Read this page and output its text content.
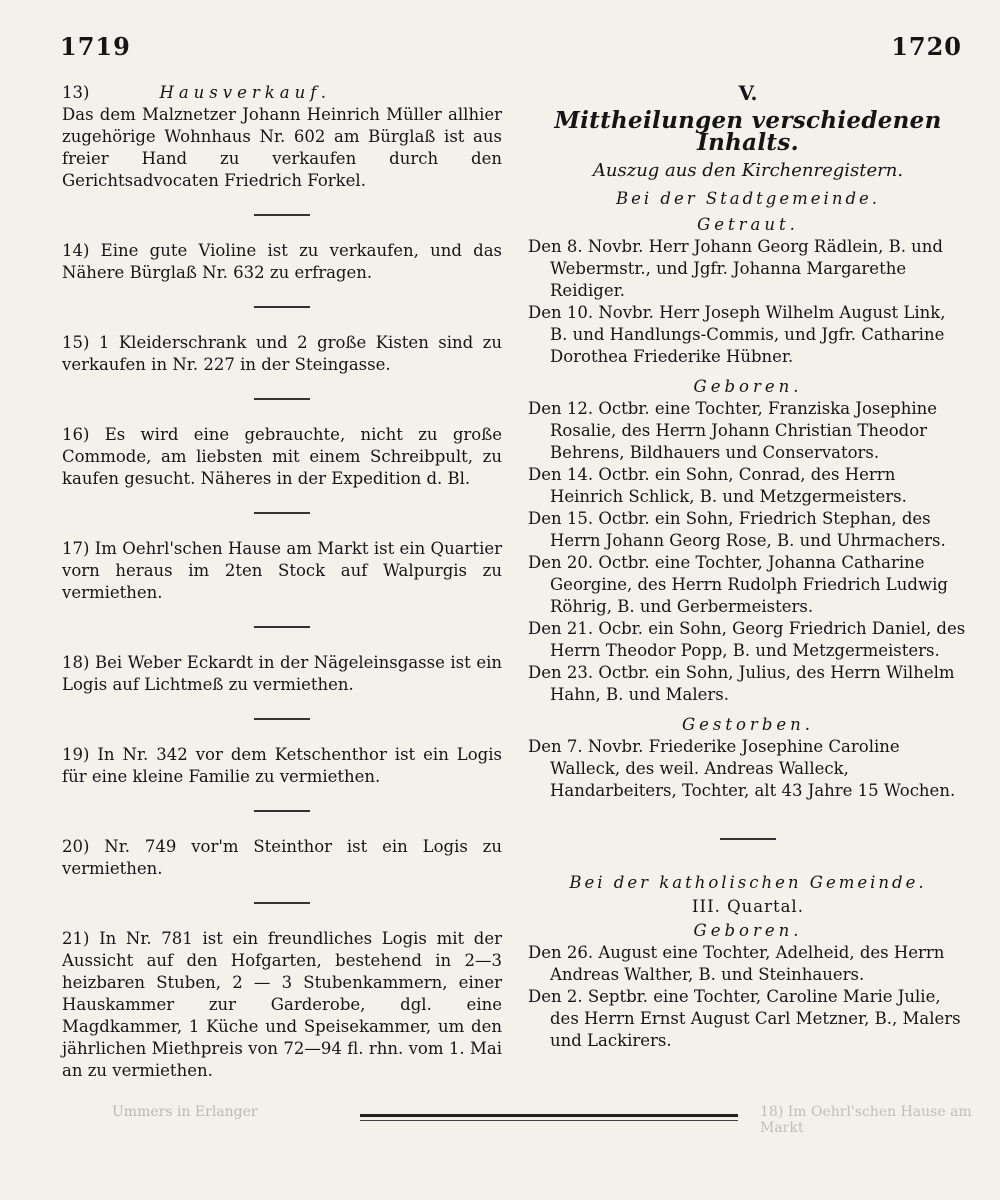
1719	1720
13)	Hausverkauf.

Das dem Malznetzer Johann Heinrich Müller allhier zugehörige Wohnhaus Nr. 602 am Bürglaß ist aus freier Hand zu verkaufen durch den Gerichtsadvocaten Friedrich Forkel.

14) Eine gute Violine ist zu verkaufen, und das Nähere Bürglaß Nr. 632 zu erfragen.

15) 1 Kleiderschrank und 2 große Kisten sind zu verkaufen in Nr. 227 in der Steingasse.

16) Es wird eine gebrauchte, nicht zu große Commode, am liebsten mit einem Schreibpult, zu kaufen gesucht. Näheres in der Expedition d. Bl.

17) Im Oehrl'schen Hause am Markt ist ein Quartier vorn heraus im 2ten Stock auf Walpurgis zu vermiethen.

18) Bei Weber Eckardt in der Nägeleinsgasse ist ein Logis auf Lichtmeß zu vermiethen.

19) In Nr. 342 vor dem Ketschenthor ist ein Logis für eine kleine Familie zu vermiethen.

20) Nr. 749 vor'm Steinthor ist ein Logis zu vermiethen.

21) In Nr. 781 ist ein freundliches Logis mit der Aussicht auf den Hofgarten, bestehend in 2—3 heizbaren Stuben, 2 — 3 Stubenkammern, einer Hauskammer zur Garderobe, dgl. eine Magdkammer, 1 Küche und Speisekammer, um den jährlichen Miethpreis von 72—94 fl. rhn. vom 1. Mai an zu vermiethen.

V.
Mittheilungen verschiedenen Inhalts.
Auszug aus den Kirchenregistern.
Bei der Stadtgemeinde.
Getraut.

Den 8. Novbr. Herr Johann Georg Rädlein, B. und Webermstr., und Jgfr. Johanna Margarethe Reidiger.

Den 10. Novbr. Herr Joseph Wilhelm August Link, B. und Handlungs-Commis, und Jgfr. Catharine Dorothea Friederike Hübner.

Geboren.

Den 12. Octbr. eine Tochter, Franziska Josephine Rosalie, des Herrn Johann Christian Theodor Behrens, Bildhauers und Conservators.

Den 14. Octbr. ein Sohn, Conrad, des Herrn Heinrich Schlick, B. und Metzgermeisters.

Den 15. Octbr. ein Sohn, Friedrich Stephan, des Herrn Johann Georg Rose, B. und Uhrmachers.

Den 20. Octbr. eine Tochter, Johanna Catharine Georgine, des Herrn Rudolph Friedrich Ludwig Röhrig, B. und Gerbermeisters.

Den 21. Ocbr. ein Sohn, Georg Friedrich Daniel, des Herrn Theodor Popp, B. und Metzgermeisters.

Den 23. Octbr. ein Sohn, Julius, des Herrn Wilhelm Hahn, B. und Malers.

Gestorben.

Den 7. Novbr. Friederike Josephine Caroline Walleck, des weil. Andreas Walleck, Handarbeiters, Tochter, alt 43 Jahre 15 Wochen.

Bei der katholischen Gemeinde.
III. Quartal.
Geboren.

Den 26. August eine Tochter, Adelheid, des Herrn Andreas Walther, B. und Steinhauers.

Den 2. Septbr. eine Tochter, Caroline Marie Julie, des Herrn Ernst August Carl Metzner, B., Malers und Lackirers.

Ummers in Erlanger	18) Im Oehrl'schen Hause am Markt
